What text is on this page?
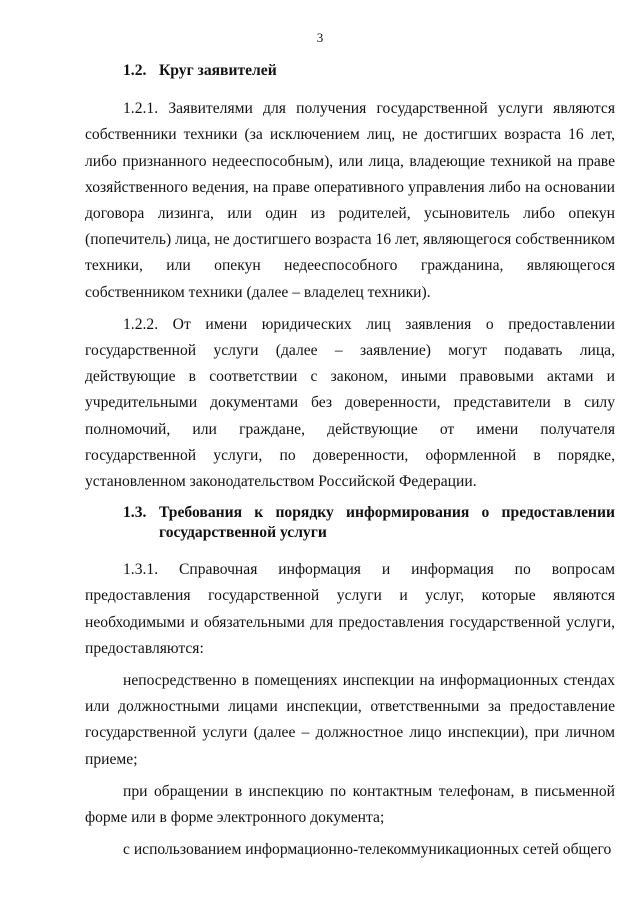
3
1.2. Круг заявителей

1.2.1. Заявителями для получения государственной услуги являются собственники техники (за исключением лиц, не достигших возраста 16 лет, либо признанного недееспособным), или лица, владеющие техникой на праве хозяйственного ведения, на праве оперативного управления либо на основании договора лизинга, или один из родителей, усыновитель либо опекун (попечитель) лица, не достигшего возраста 16 лет, являющегося собственником техники, или опекун недееспособного гражданина, являющегося собственником техники (далее – владелец техники).

1.2.2. От имени юридических лиц заявления о предоставлении государственной услуги (далее – заявление) могут подавать лица, действующие в соответствии с законом, иными правовыми актами и учредительными документами без доверенности, представители в силу полномочий, или граждане, действующие от имени получателя государственной услуги, по доверенности, оформленной в порядке, установленном законодательством Российской Федерации.

1.3. Требования к порядку информирования о предоставлении государственной услуги

1.3.1. Справочная информация и информация по вопросам предоставления государственной услуги и услуг, которые являются необходимыми и обязательными для предоставления государственной услуги, предоставляются:

непосредственно в помещениях инспекции на информационных стендах или должностными лицами инспекции, ответственными за предоставление государственной услуги (далее – должностное лицо инспекции), при личном приеме;

при обращении в инспекцию по контактным телефонам, в письменной форме или в форме электронного документа;

с использованием информационно-телекоммуникационных сетей общего
